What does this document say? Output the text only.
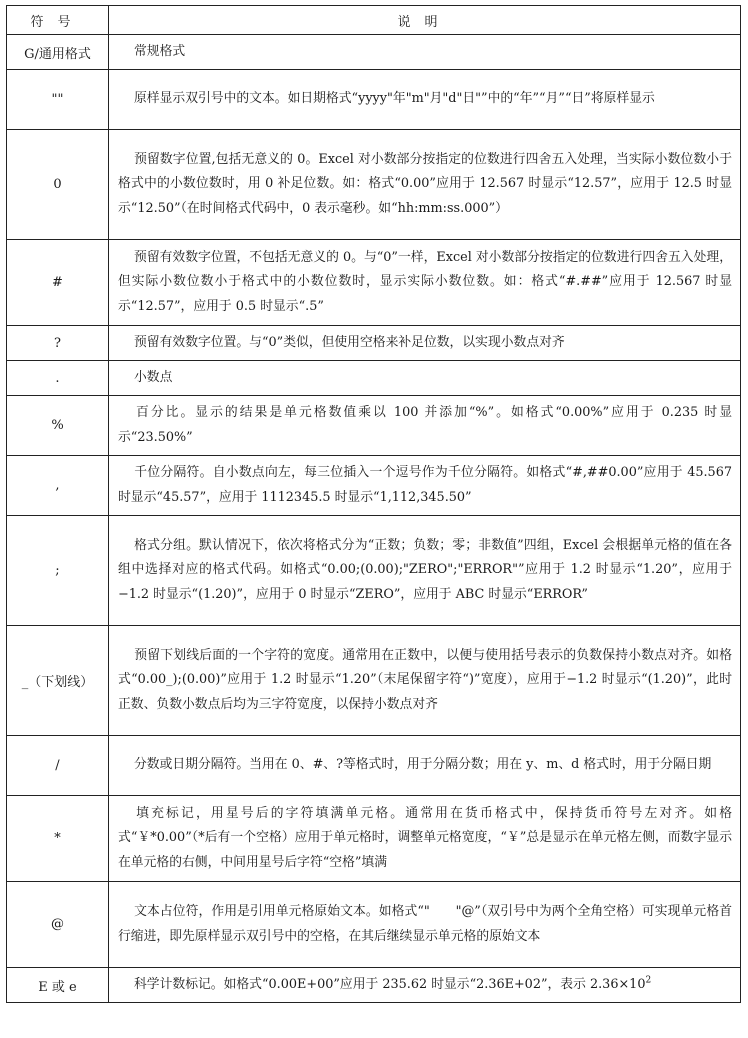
符号	说明
G/通用格式	常规格式
""	原样显示双引号中的文本。如日期格式“yyyy"年"m"月"d"日"”中的“年”“月”“日”将原样显示
0	预留数字位置,包括无意义的 0。Excel 对小数部分按指定的位数进行四舍五入处理，当实际小数位数小于格式中的小数位数时，用 0 补足位数。如：格式“0.00”应用于 12.567 时显示“12.57”，应用于 12.5 时显示“12.50”（在时间格式代码中，0 表示毫秒。如“hh:mm:ss.000”）
#	预留有效数字位置，不包括无意义的 0。与“0”一样，Excel 对小数部分按指定的位数进行四舍五入处理，但实际小数位数小于格式中的小数位数时，显示实际小数位数。如：格式“#.##”应用于 12.567 时显示“12.57”，应用于 0.5 时显示“.5”
?	预留有效数字位置。与“0”类似，但使用空格来补足位数，以实现小数点对齐
.	小数点
%	百分比。显示的结果是单元格数值乘以 100 并添加“%”。如格式“0.00%”应用于 0.235 时显示“23.50%”
,	千位分隔符。自小数点向左，每三位插入一个逗号作为千位分隔符。如格式“#,##0.00”应用于 45.567 时显示“45.57”，应用于 1112345.5 时显示“1,112,345.50”
;	格式分组。默认情况下，依次将格式分为“正数；负数；零；非数值”四组，Excel 会根据单元格的值在各组中选择对应的格式代码。如格式“0.00;(0.00);"ZERO";"ERROR"”应用于 1.2 时显示“1.20”，应用于−1.2 时显示“(1.20)”，应用于 0 时显示“ZERO”，应用于 ABC 时显示“ERROR”
_（下划线）	预留下划线后面的一个字符的宽度。通常用在正数中，以便与使用括号表示的负数保持小数点对齐。如格式“0.00_);(0.00)”应用于 1.2 时显示“1.20”（末尾保留字符“)”宽度），应用于−1.2 时显示“(1.20)”，此时正数、负数小数点后均为三字符宽度，以保持小数点对齐
/	分数或日期分隔符。当用在 0、#、?等格式时，用于分隔分数；用在 y、m、d 格式时，用于分隔日期
*	填充标记，用星号后的字符填满单元格。通常用在货币格式中，保持货币符号左对齐。如格式“￥*0.00”（*后有一个空格）应用于单元格时，调整单元格宽度，“￥”总是显示在单元格左侧，而数字显示在单元格的右侧，中间用星号后字符“空格”填满
@	文本占位符，作用是引用单元格原始文本。如格式“"　　"@”（双引号中为两个全角空格）可实现单元格首行缩进，即先原样显示双引号中的空格，在其后继续显示单元格的原始文本
E 或 e	科学计数标记。如格式“0.00E+00”应用于 235.62 时显示“2.36E+02”，表示 $2.36\times 10^2$
